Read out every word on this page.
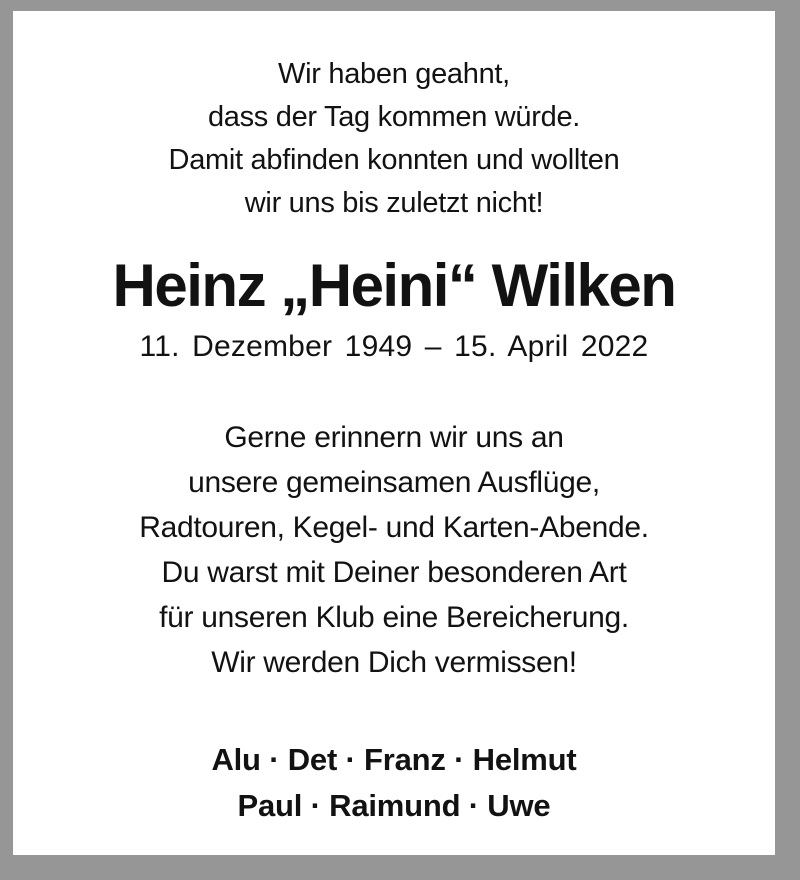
Wir haben geahnt,
dass der Tag kommen würde.
Damit abfinden konnten und wollten
wir uns bis zuletzt nicht!
Heinz „Heini“ Wilken
11. Dezember 1949 – 15. April 2022
Gerne erinnern wir uns an
unsere gemeinsamen Ausflüge,
Radtouren, Kegel- und Karten-Abende.
Du warst mit Deiner besonderen Art
für unseren Klub eine Bereicherung.
Wir werden Dich vermissen!
Alu · Det · Franz · Helmut
Paul · Raimund · Uwe
